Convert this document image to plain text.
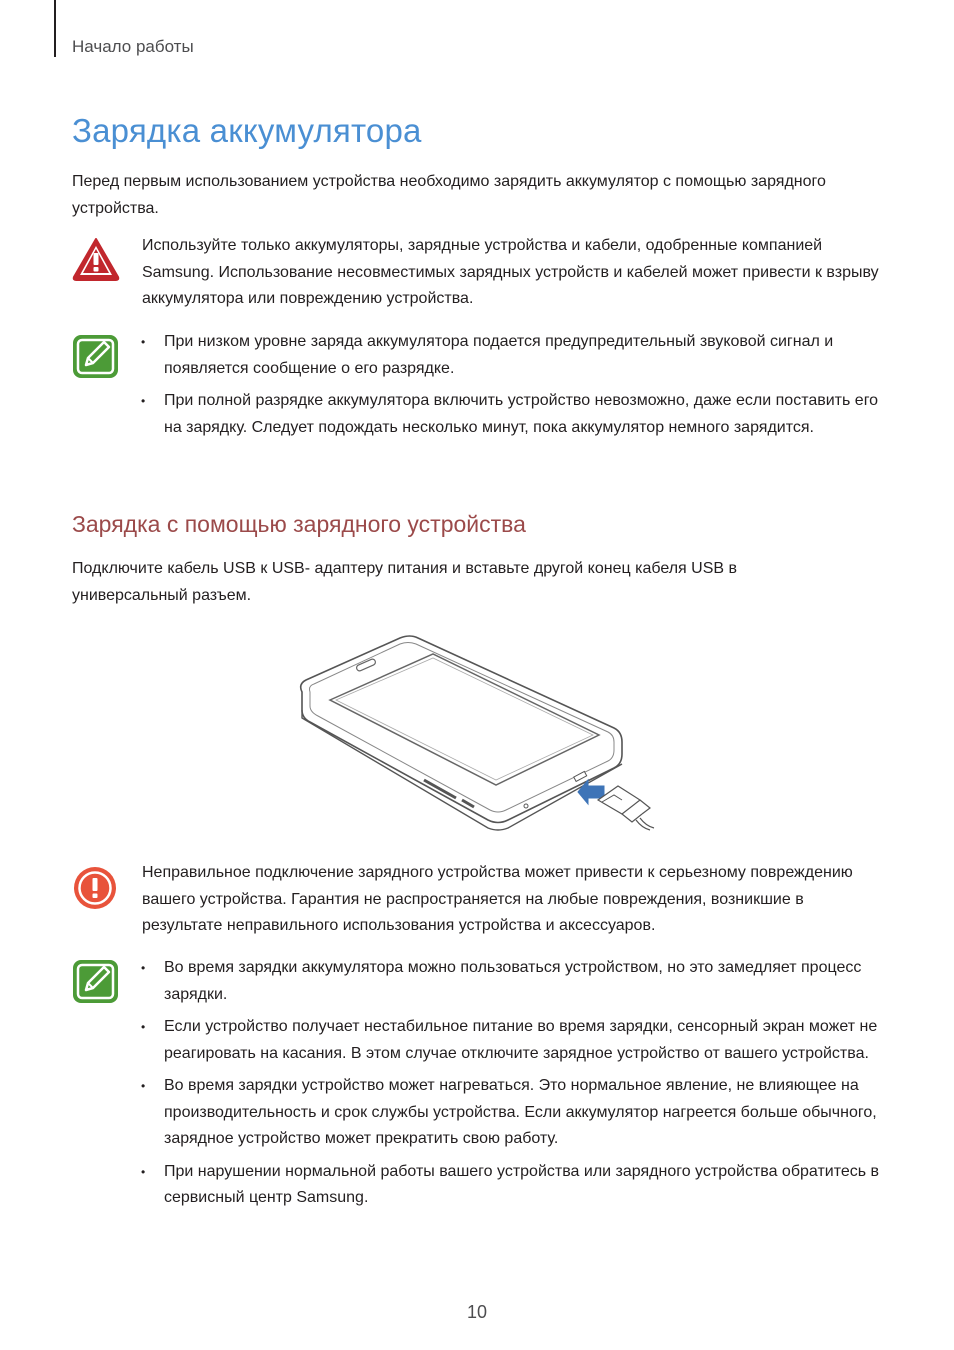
Начало работы
Зарядка аккумулятора

Перед первым использованием устройства необходимо зарядить аккумулятор с помощью зарядного устройства.

Используйте только аккумуляторы, зарядные устройства и кабели, одобренные компанией Samsung. Использование несовместимых зарядных устройств и кабелей может привести к взрыву аккумулятора или повреждению устройства.

• При низком уровне заряда аккумулятора подается предупредительный звуковой сигнал и появляется сообщение о его разрядке.
• При полной разрядке аккумулятора включить устройство невозможно, даже если поставить его на зарядку. Следует подождать несколько минут, пока аккумулятор немного зарядится.
Зарядка с помощью зарядного устройства

Подключите кабель USB к USB- адаптеру питания и вставьте другой конец кабеля USB в универсальный разъем.

Неправильное подключение зарядного устройства может привести к серьезному повреждению вашего устройства. Гарантия не распространяется на любые повреждения, возникшие в результате неправильного использования устройства и аксессуаров.

• Во время зарядки аккумулятора можно пользоваться устройством, но это замедляет процесс зарядки.
• Если устройство получает нестабильное питание во время зарядки, сенсорный экран может не реагировать на касания. В этом случае отключите зарядное устройство от вашего устройства.
• Во время зарядки устройство может нагреваться. Это нормальное явление, не влияющее на производительность и срок службы устройства. Если аккумулятор нагреется больше обычного, зарядное устройство может прекратить свою работу.
• При нарушении нормальной работы вашего устройства или зарядного устройства обратитесь в сервисный центр Samsung.
10
